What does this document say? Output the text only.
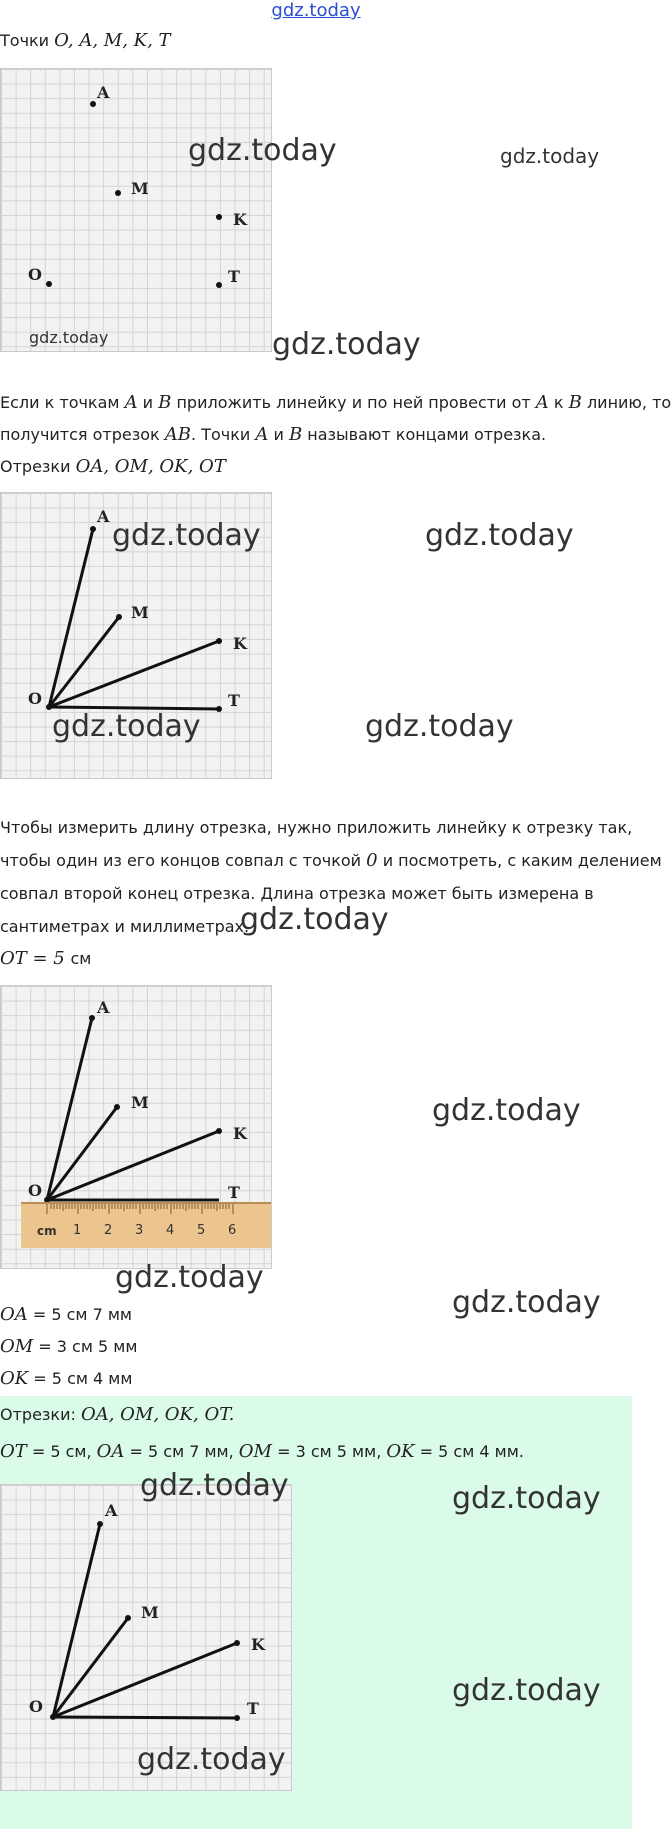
gdz.today
Точки O, A, M, K, T
A
M
K
O	T
gdz.today
gdz.today	gdz.today
gdz.today
Если к точкам A и B приложить линейку и по ней провести от A к B линию, то
получится отрезок AB. Точки A и B называют концами отрезка.
Отрезки OA, OM, OK, OT
A
M
K
O	T
gdz.today	gdz.today
gdz.today	gdz.today
Чтобы измерить длину отрезка, нужно приложить линейку к отрезку так,
чтобы один из его концов совпал с точкой 0 и посмотреть, с каким делением
совпал второй конец отрезка. Длина отрезка может быть измерена в
сантиметрах и миллиметрах.
gdz.today
OT = 5 см
A
M
K
O	T
cm 1 2 3 4 5 6
gdz.today
gdz.today
gdz.today
OA = 5 см 7 мм
OM = 3 см 5 мм
OK = 5 см 4 мм
Отрезки: OA, OM, OK, OT.
OT = 5 см, OA = 5 см 7 мм, OM = 3 см 5 мм, OK = 5 см 4 мм.
A
M
K
O	T
gdz.today	gdz.today
gdz.today
gdz.today
